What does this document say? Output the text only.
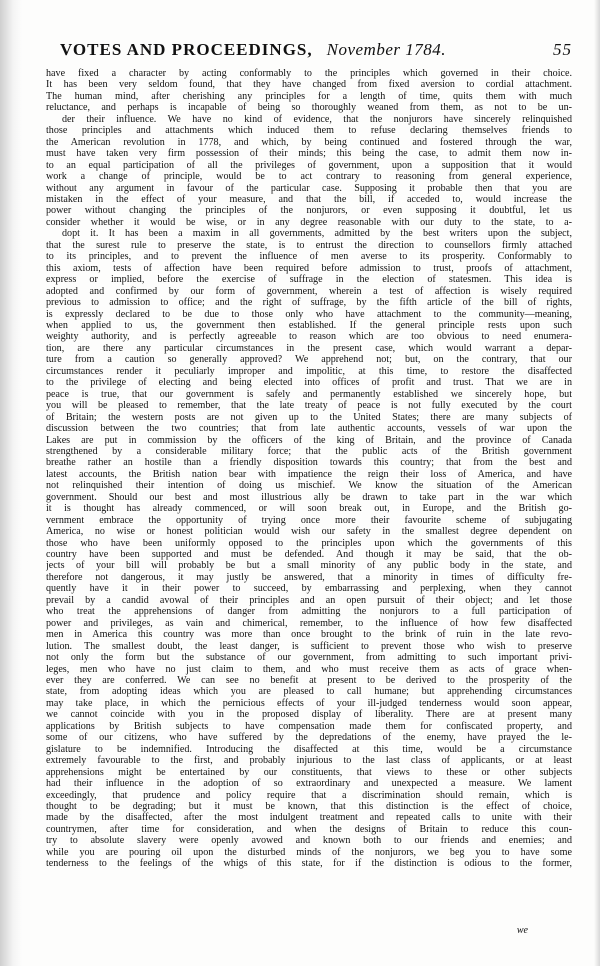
VOTES AND PROCEEDINGS, November 1784.	55
have fixed a character by acting conformably to the principles which governed in their choice.
It has been very seldom found, that they have changed from fixed aversion to cordial attachment.
The human mind, after cherishing any principles for a length of time, quits them with much
reluctance, and perhaps is incapable of being so thoroughly weaned from them, as not to be un-
der their influence. We have no kind of evidence, that the nonjurors have sincerely relinquished
those principles and attachments which induced them to refuse declaring themselves friends to
the American revolution in 1778, and which, by being continued and fostered through the war,
must have taken very firm possession of their minds; this being the case, to admit them now in-
to an equal participation of all the privileges of government, upon a supposition that it would
work a change of principle, would be to act contrary to reasoning from general experience,
without any argument in favour of the particular case. Supposing it probable then that you are
mistaken in the effect of your measure, and that the bill, if acceded to, would increase the
power without changing the principles of the nonjurors, or even supposing it doubtful, let us
consider whether it would be wise, or in any degree reasonable with our duty to the state, to a-
dopt it. It has been a maxim in all governments, admitted by the best writers upon the subject,
that the surest rule to preserve the state, is to entrust the direction to counsellors firmly attached
to its principles, and to prevent the influence of men averse to its prosperity. Conformably to
this axiom, tests of affection have been required before admission to trust, proofs of attachment,
express or implied, before the exercise of suffrage in the election of statesmen. This idea is
adopted and confirmed by our form of government, wherein a test of affection is wisely required
previous to admission to office; and the right of suffrage, by the fifth article of the bill of rights,
is expressly declared to be due to those only who have attachment to the community—meaning,
when applied to us, the government then established. If the general principle rests upon such
weighty authority, and is perfectly agreeable to reason which are too obvious to need enumera-
tion, are there any particular circumstances in the present case, which would warrant a depar-
ture from a caution so generally approved? We apprehend not; but, on the contrary, that our
circumstances render it peculiarly improper and impolitic, at this time, to restore the disaffected
to the privilege of electing and being elected into offices of profit and trust. That we are in
peace is true, that our government is safely and permanently established we sincerely hope, but
you will be pleased to remember, that the late treaty of peace is not fully executed by the court
of Britain; the western posts are not given up to the United States; there are many subjects of
discussion between the two countries; that from late authentic accounts, vessels of war upon the
Lakes are put in commission by the officers of the king of Britain, and the province of Canada
strengthened by a considerable military force; that the public acts of the British government
breathe rather an hostile than a friendly disposition towards this country; that from the best and
latest accounts, the British nation bear with impatience the reign their loss of America, and have
not relinquished their intention of doing us mischief. We know the situation of the American
government. Should our best and most illustrious ally be drawn to take part in the war which
it is thought has already commenced, or will soon break out, in Europe, and the British go-
vernment embrace the opportunity of trying once more their favourite scheme of subjugating
America, no wise or honest politician would wish our safety in the smallest degree dependent on
those who have been uniformly opposed to the principles upon which the governments of this
country have been supported and must be defended. And though it may be said, that the ob-
jects of your bill will probably be but a small minority of any public body in the state, and
therefore not dangerous, it may justly be answered, that a minority in times of difficulty fre-
quently have it in their power to succeed, by embarrassing and perplexing, when they cannot
prevail by a candid avowal of their principles and an open pursuit of their object; and let those
who treat the apprehensions of danger from admitting the nonjurors to a full participation of
power and privileges, as vain and chimerical, remember, to the influence of how few disaffected
men in America this country was more than once brought to the brink of ruin in the late revo-
lution. The smallest doubt, the least danger, is sufficient to prevent those who wish to preserve
not only the form but the substance of our government, from admitting to such important privi-
leges, men who have no just claim to them, and who must receive them as acts of grace when-
ever they are conferred. We can see no benefit at present to be derived to the prosperity of the
state, from adopting ideas which you are pleased to call humane; but apprehending circumstances
may take place, in which the pernicious effects of your ill-judged tenderness would soon appear,
we cannot coincide with you in the proposed display of liberality. There are at present many
applications by British subjects to have compensation made them for confiscated property, and
some of our citizens, who have suffered by the depredations of the enemy, have prayed the le-
gislature to be indemnified. Introducing the disaffected at this time, would be a circumstance
extremely favourable to the first, and probably injurious to the last class of applicants, or at least
apprehensions might be entertained by our constituents, that views to these or other subjects
had their influence in the adoption of so extraordinary and unexpected a measure. We lament
exceedingly, that prudence and policy require that a discrimination should remain, which is
thought to be degrading; but it must be known, that this distinction is the effect of choice,
made by the disaffected, after the most indulgent treatment and repeated calls to unite with their
countrymen, after time for consideration, and when the designs of Britain to reduce this coun-
try to absolute slavery were openly avowed and known both to our friends and enemies; and
while you are pouring oil upon the disturbed minds of the nonjurors, we beg you to have some
tenderness to the feelings of the whigs of this state, for if the distinction is odious to the former,
we
